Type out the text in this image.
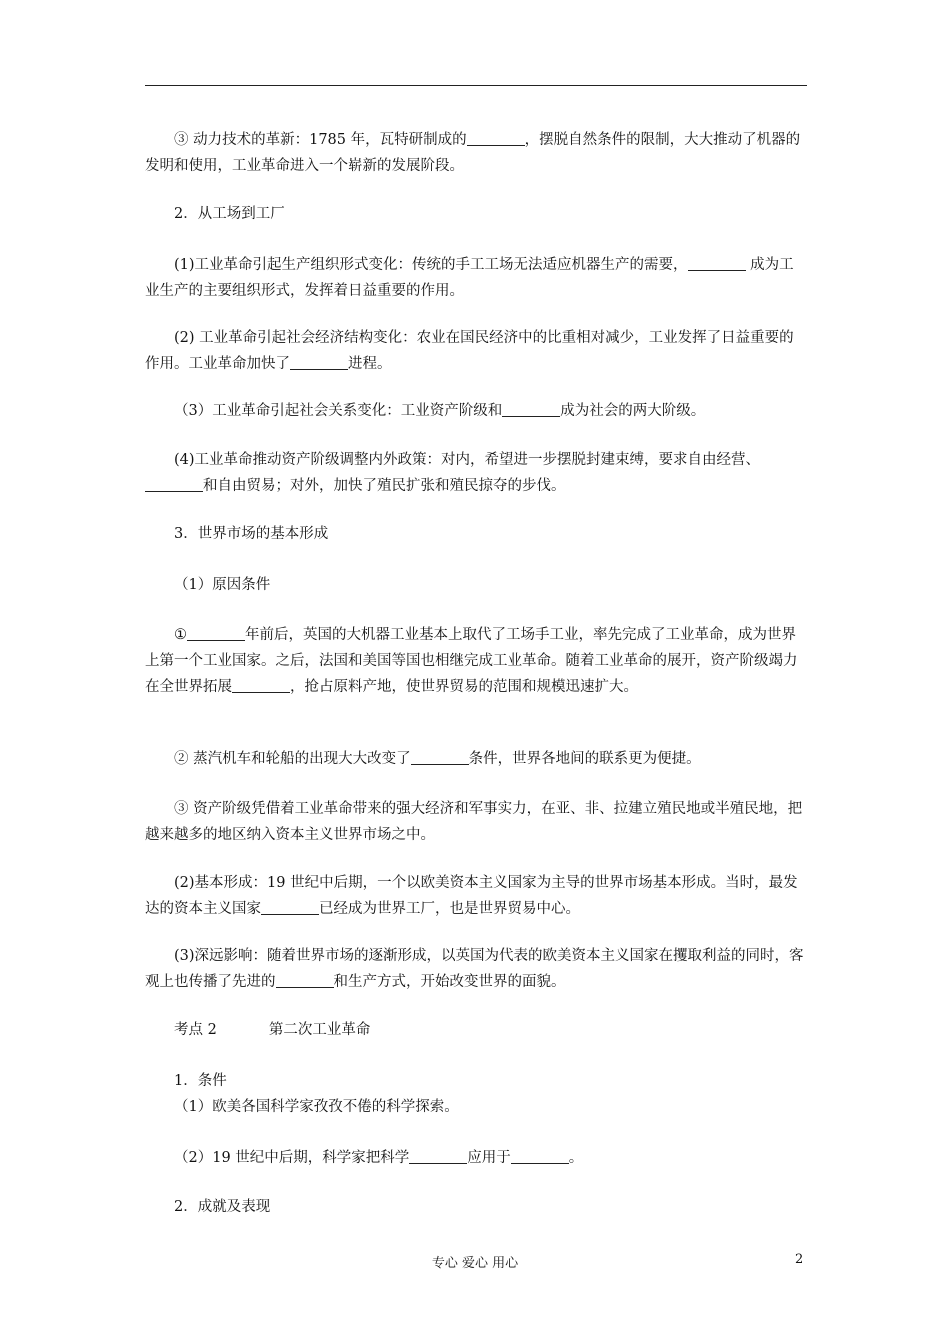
③ 动力技术的革新：1785 年，瓦特研制成的	，摆脱自然条件的限制，大大推动了机器的发明和使用，工业革命进入一个崭新的发展阶段。

2．从工场到工厂

(1)工业革命引起生产组织形式变化：传统的手工工场无法适应机器生产的需要，	成为工业生产的主要组织形式，发挥着日益重要的作用。

(2) 工业革命引起社会经济结构变化：农业在国民经济中的比重相对减少，工业发挥了日益重要的作用。工业革命加快了	进程。

（3）工业革命引起社会关系变化：工业资产阶级和	成为社会的两大阶级。

(4)工业革命推动资产阶级调整内外政策：对内，希望进一步摆脱封建束缚，要求自由经营、和自由贸易；对外，加快了殖民扩张和殖民掠夺的步伐。

3．世界市场的基本形成

（1）原因条件

①	年前后，英国的大机器工业基本上取代了工场手工业，率先完成了工业革命，成为世界上第一个工业国家。之后，法国和美国等国也相继完成工业革命。随着工业革命的展开，资产阶级竭力在全世界拓展	，抢占原料产地，使世界贸易的范围和规模迅速扩大。

② 蒸汽机车和轮船的出现大大改变了	条件，世界各地间的联系更为便捷。

③ 资产阶级凭借着工业革命带来的强大经济和军事实力，在亚、非、拉建立殖民地或半殖民地，把越来越多的地区纳入资本主义世界市场之中。

(2)基本形成：19 世纪中后期，一个以欧美资本主义国家为主导的世界市场基本形成。当时，最发达的资本主义国家	已经成为世界工厂，也是世界贸易中心。

(3)深远影响：随着世界市场的逐渐形成，以英国为代表的欧美资本主义国家在攫取利益的同时，客观上也传播了先进的	和生产方式，开始改变世界的面貌。

考点 2	第二次工业革命

1．条件

（1）欧美各国科学家孜孜不倦的科学探索。

（2）19 世纪中后期，科学家把科学	应用于	。

2．成就及表现

专心 爱心 用心	2
